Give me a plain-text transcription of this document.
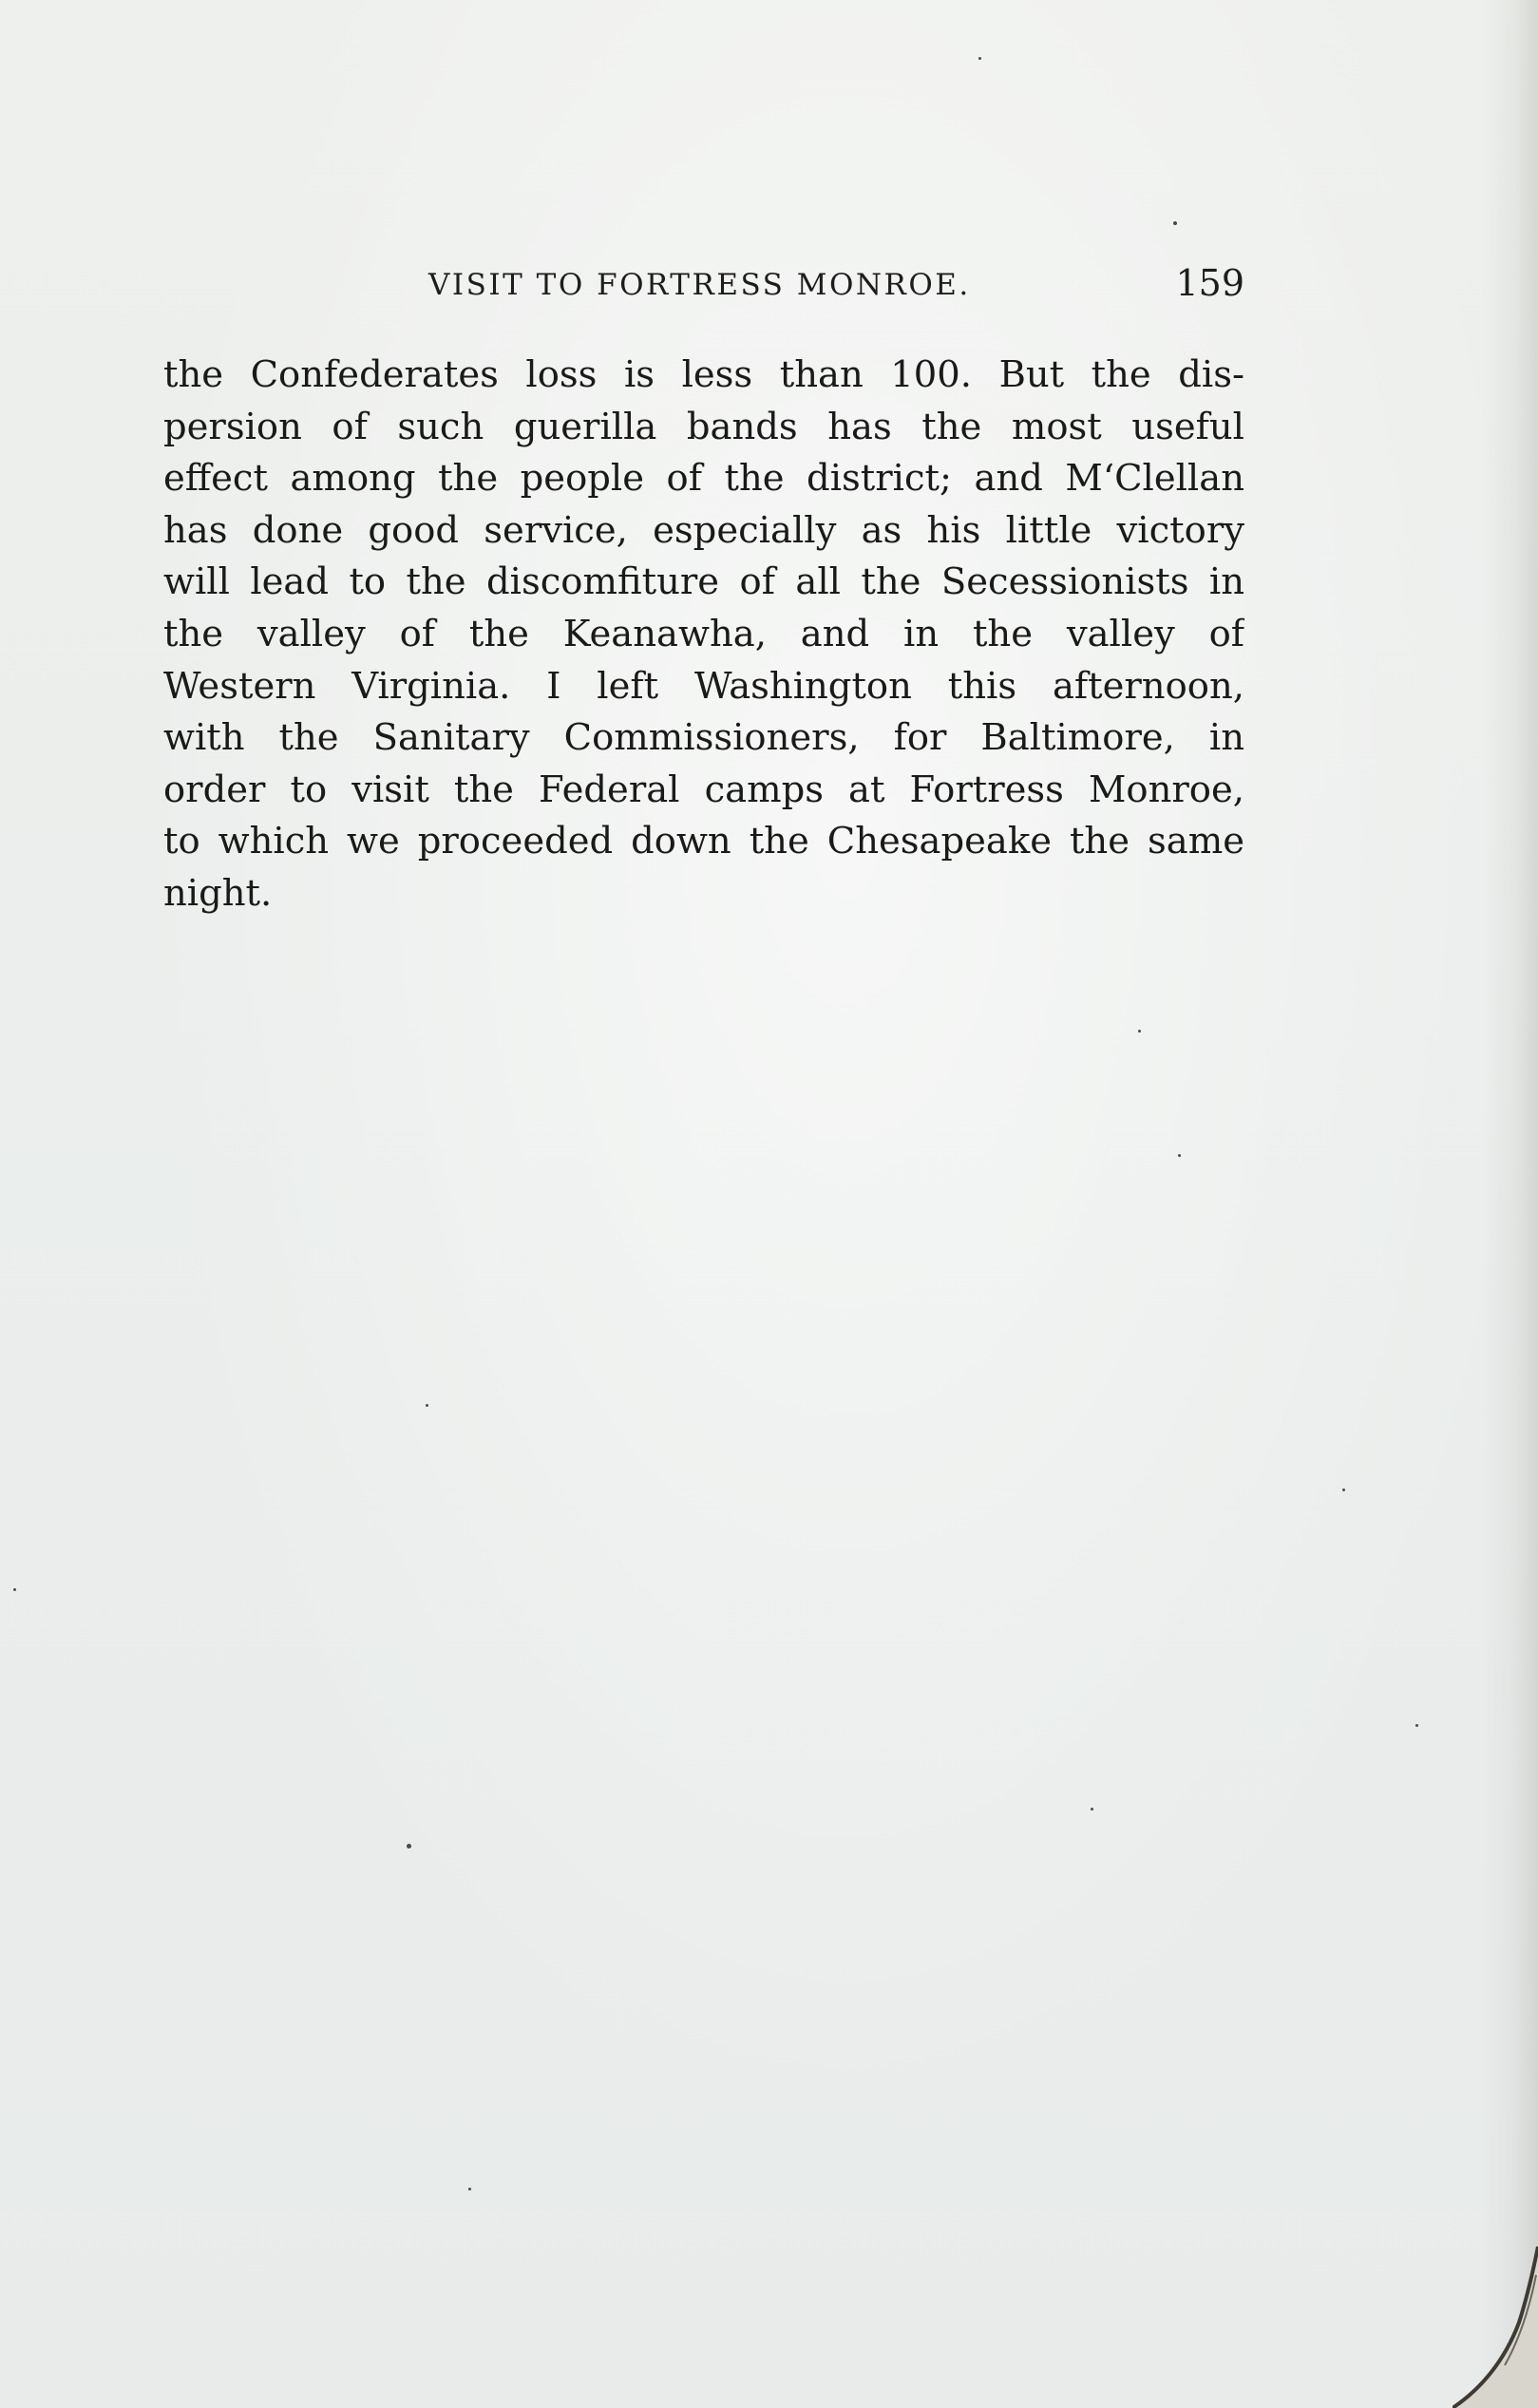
VISIT TO FORTRESS MONROE.	159
the Confederates loss is less than 100. But the dis-
persion of such guerilla bands has the most useful
effect among the people of the district; and M‘Clellan
has done good service, especially as his little victory
will lead to the discomfiture of all the Secessionists in
the valley of the Keanawha, and in the valley of
Western Virginia. I left Washington this afternoon,
with the Sanitary Commissioners, for Baltimore, in
order to visit the Federal camps at Fortress Monroe,
to which we proceeded down the Chesapeake the same
night.
